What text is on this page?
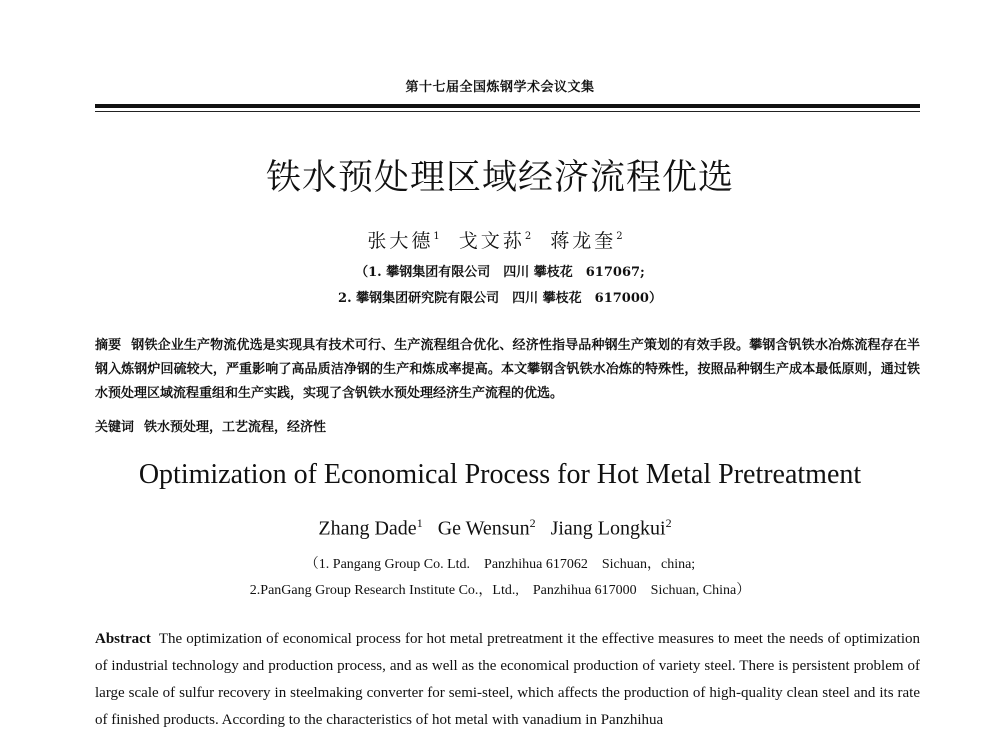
第十七届全国炼钢学术会议文集
铁水预处理区域经济流程优选
张大德$^1$ 戈文荪$^2$ 蒋龙奎$^2$
（1. 攀钢集团有限公司　四川 攀枝花　617067;
2. 攀钢集团研究院有限公司　四川 攀枝花　617000）
摘要 钢铁企业生产物流优选是实现具有技术可行、生产流程组合优化、经济性指导品种钢生产策划的有效手段。攀钢含钒铁水冶炼流程存在半钢入炼钢炉回硫较大，严重影响了高品质洁净钢的生产和炼成率提高。本文攀钢含钒铁水冶炼的特殊性，按照品种钢生产成本最低原则，通过铁水预处理区域流程重组和生产实践，实现了含钒铁水预处理经济生产流程的优选。
关键词 铁水预处理，工艺流程，经济性
Optimization of Economical Process for Hot Metal Pretreatment
Zhang Dade$^1$ Ge Wensun$^2$ Jiang Longkui$^2$
（1. Pangang Group Co. Ltd.　Panzhihua 617062　Sichuan，china;
2.PanGang Group Research Institute Co.，Ltd.,　Panzhihua 617000　Sichuan, China）
Abstract The optimization of economical process for hot metal pretreatment it the effective measures to meet the needs of optimization of industrial technology and production process, and as well as the economical production of variety steel. There is persistent problem of large scale of sulfur recovery in steelmaking converter for semi-steel, which affects the production of high-quality clean steel and its rate of finished products. According to the characteristics of hot metal with vanadium in Panzhihua
